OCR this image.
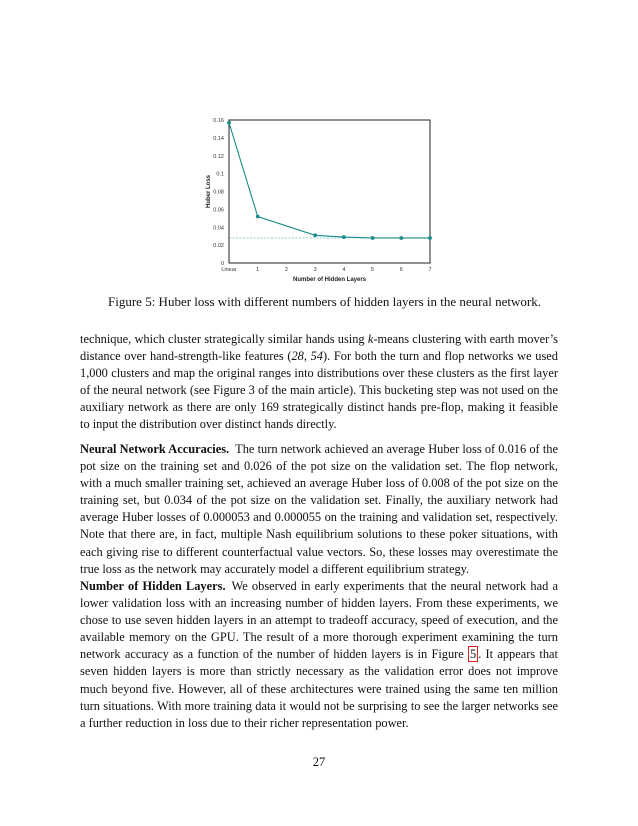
0
0.02
0.04
0.06
0.08
0.1
0.12
0.14
0.16
Linear	1	2	3	4	5	6	7
Number of Hidden Layers
Huber Loss
Figure 5: Huber loss with different numbers of hidden layers in the neural network.

technique, which cluster strategically similar hands using k-means clustering with earth mover’s distance over hand-strength-like features (28, 54). For both the turn and flop networks we used 1,000 clusters and map the original ranges into distributions over these clusters as the first layer of the neural network (see Figure 3 of the main article). This bucketing step was not used on the auxiliary network as there are only 169 strategically distinct hands pre-flop, making it feasible to input the distribution over distinct hands directly.

Neural Network Accuracies. The turn network achieved an average Huber loss of 0.016 of the pot size on the training set and 0.026 of the pot size on the validation set. The flop network, with a much smaller training set, achieved an average Huber loss of 0.008 of the pot size on the training set, but 0.034 of the pot size on the validation set. Finally, the auxiliary network had average Huber losses of 0.000053 and 0.000055 on the training and validation set, respectively. Note that there are, in fact, multiple Nash equilibrium solutions to these poker situations, with each giving rise to different counterfactual value vectors. So, these losses may overestimate the true loss as the network may accurately model a different equilibrium strategy.

Number of Hidden Layers. We observed in early experiments that the neural network had a lower validation loss with an increasing number of hidden layers. From these experiments, we chose to use seven hidden layers in an attempt to tradeoff accuracy, speed of execution, and the available memory on the GPU. The result of a more thorough experiment examining the turn network accuracy as a function of the number of hidden layers is in Figure 5 . It appears that seven hidden layers is more than strictly necessary as the validation error does not improve much beyond five. However, all of these architectures were trained using the same ten million turn situations. With more training data it would not be surprising to see the larger networks see a further reduction in loss due to their richer representation power.

27
